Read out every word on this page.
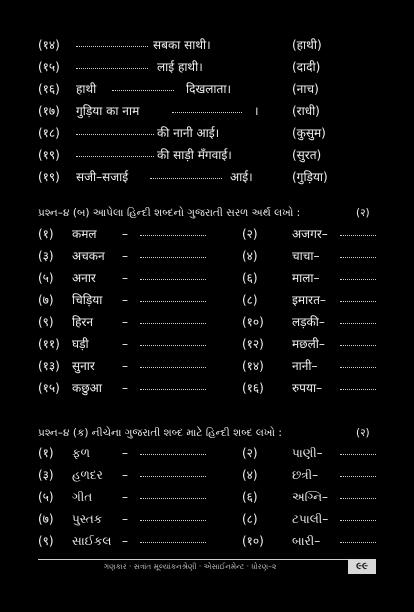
(१४)	सबका साथी।	(हाथी)
(१५)	लाई हाथी।	(दादी)
(१६) हाथी	दिखलाता।	(नाच)
(१७) गुड़िया का नाम	।	(राधी)
(१८)	की नानी आई।	(कुसुम)
(१९)	की साड़ी मँगवाई।	(सुरत)
(१९) सजी–सजाई	आई।	(गुड़िया)
પ્રશ્ન–૪ (બ) આપેલા હિન્દી શબ્દનો ગુજરાતી સરળ અર્થ લખો :	(२)
(१) कमल –	(२)	अजगर–
(३) अचकन –	(४)	चाचा–
(५) अनार –	(६)	माला–
(७) चिड़िया –	(८)	इमारत–
(९) हिरन –	(१०) लड़की–
(११) घड़ी	–	(१२) मछली–
(१३) सुनार –	(१४) नानी–
(१५) कछुआ –	(१६) रुपया–
પ્રશ્ન–૪ (ક) નીચેના ગુજરાતી શબ્દ માટે હિન્દી શબ્દ લખો :	(२)
(१) ફળ	–	(२)	પાણી–
(३) હળદર –	(४)	છત્રી–
(५) ગીત –	(६)	અગ્નિ–
(७) પુસ્તક –	(८)	ટપાલી–
(९) સાઈકલ –	(१०) બારી–
ગણકાર · સત્રાંત મૂલ્યાંકનશ્રેણી · એસાઈનમેન્ટ · ધોરણ–૨	૯૯
